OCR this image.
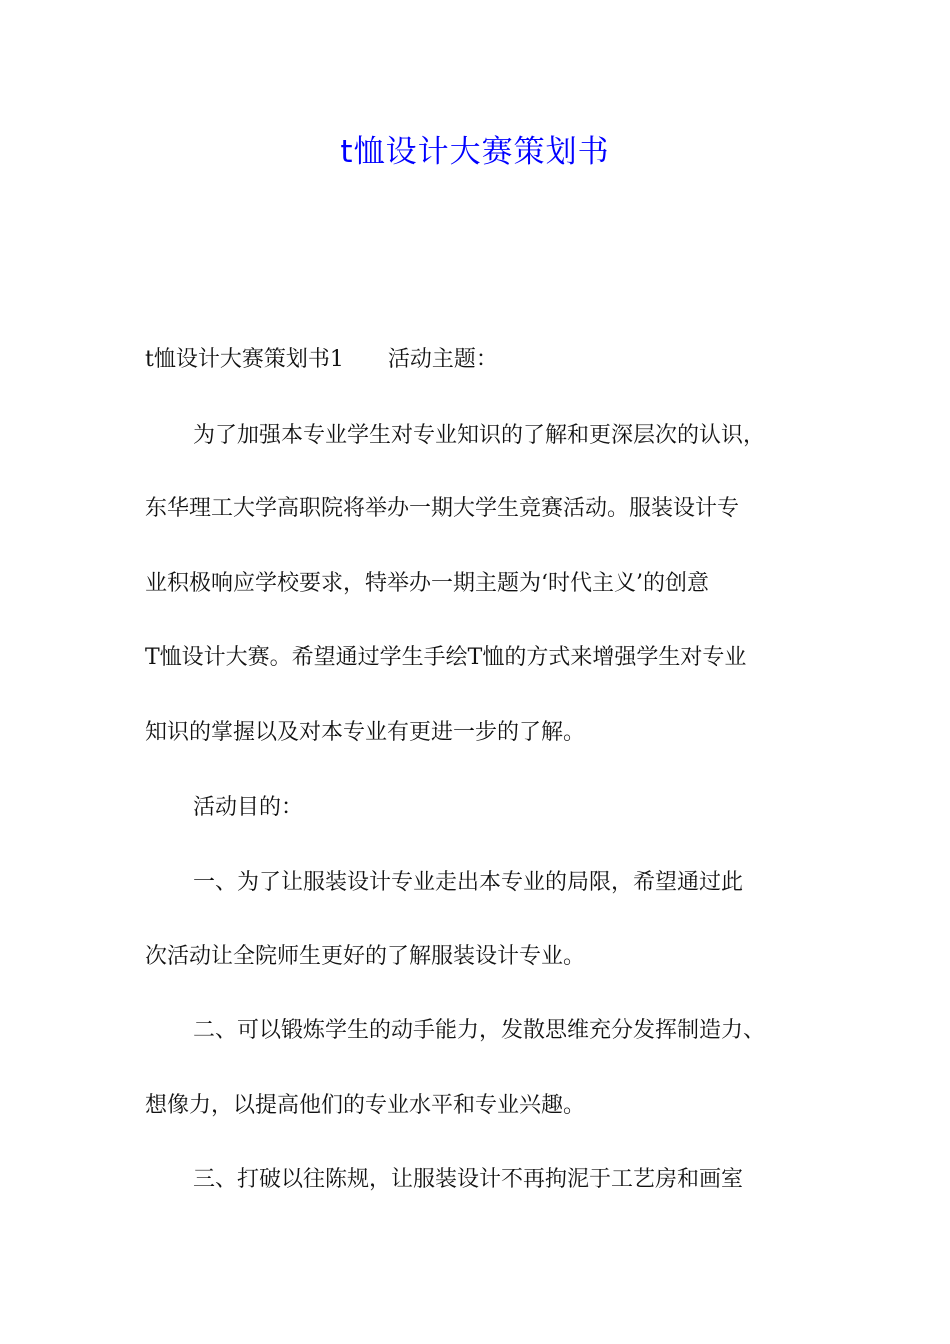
t恤设计大赛策划书

t恤设计大赛策划书1 活动主题：

为了加强本专业学生对专业知识的了解和更深层次的认识，

东华理工大学高职院将举办一期大学生竞赛活动。服装设计专

业积极响应学校要求，特举办一期主题为‘时代主义’的创意

T恤设计大赛。希望通过学生手绘T恤的方式来增强学生对专业

知识的掌握以及对本专业有更进一步的了解。

活动目的：

一、为了让服装设计专业走出本专业的局限，希望通过此

次活动让全院师生更好的了解服装设计专业。

二、可以锻炼学生的动手能力，发散思维充分发挥制造力、

想像力，以提高他们的专业水平和专业兴趣。

三、打破以往陈规，让服装设计不再拘泥于工艺房和画室
